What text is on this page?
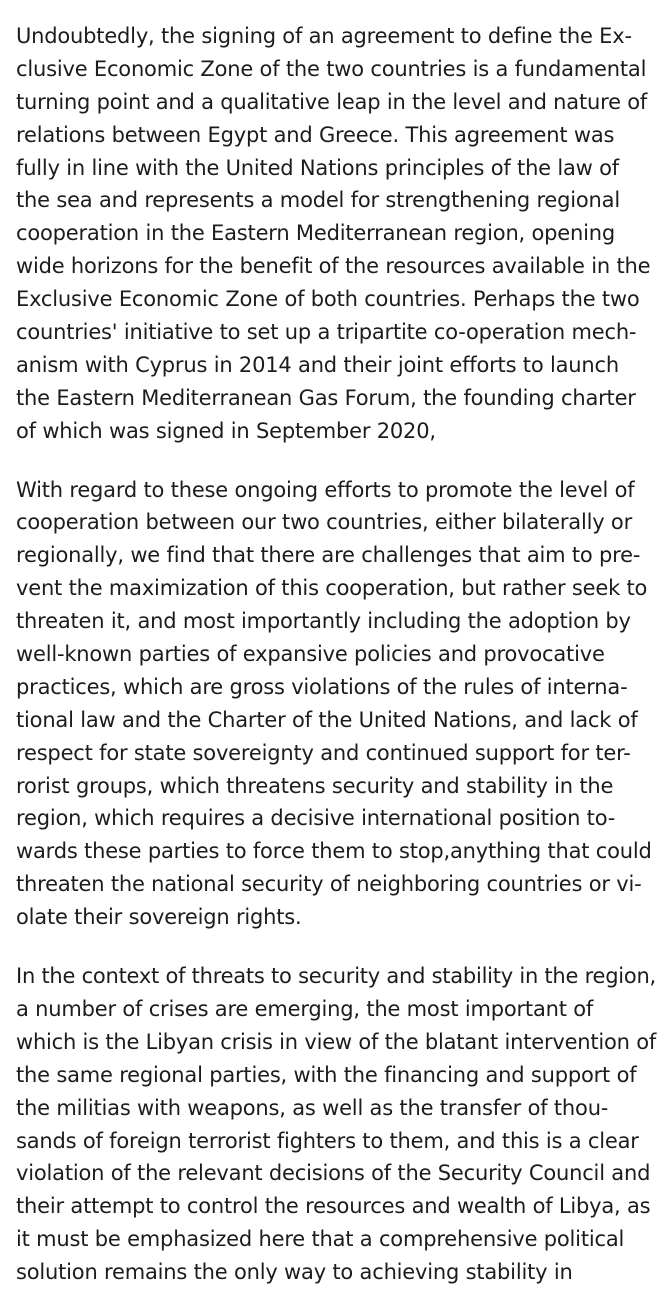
Undoubtedly, the signing of an agreement to define the Ex-
clusive Economic Zone of the two countries is a fundamental
turning point and a qualitative leap in the level and nature of
relations between Egypt and Greece. This agreement was
fully in line with the United Nations principles of the law of
the sea and represents a model for strengthening regional
cooperation in the Eastern Mediterranean region, opening
wide horizons for the benefit of the resources available in the
Exclusive Economic Zone of both countries. Perhaps the two
countries' initiative to set up a tripartite co-operation mech-
anism with Cyprus in 2014 and their joint efforts to launch
the Eastern Mediterranean Gas Forum, the founding charter
of which was signed in September 2020,

With regard to these ongoing efforts to promote the level of
cooperation between our two countries, either bilaterally or
regionally, we find that there are challenges that aim to pre-
vent the maximization of this cooperation, but rather seek to
threaten it, and most importantly including the adoption by
well-known parties of expansive policies and provocative
practices, which are gross violations of the rules of interna-
tional law and the Charter of the United Nations, and lack of
respect for state sovereignty and continued support for ter-
rorist groups, which threatens security and stability in the
region, which requires a decisive international position to-
wards these parties to force them to stop,anything that could
threaten the national security of neighboring countries or vi-
olate their sovereign rights.

In the context of threats to security and stability in the region,
a number of crises are emerging, the most important of
which is the Libyan crisis in view of the blatant intervention of
the same regional parties, with the financing and support of
the militias with weapons, as well as the transfer of thou-
sands of foreign terrorist fighters to them, and this is a clear
violation of the relevant decisions of the Security Council and
their attempt to control the resources and wealth of Libya, as
it must be emphasized here that a comprehensive political
solution remains the only way to achieving stability in
